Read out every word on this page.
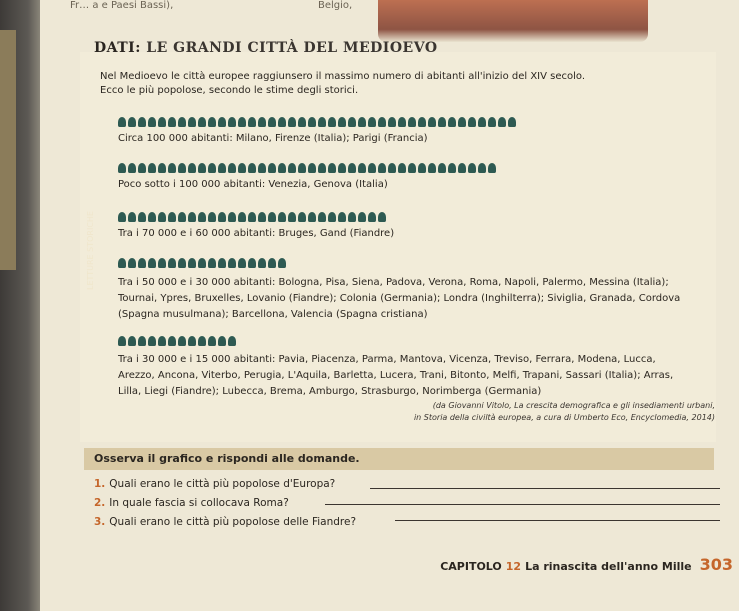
Fr… a e Paesi Bassi),	Belgio,
LETTURE STORICHE
DATI: LE GRANDI CITTÀ DEL MEDIOEVO
Nel Medioevo le città europee raggiunsero il massimo numero di abitanti all'inizio del XIV secolo.
Ecco le più popolose, secondo le stime degli storici.
Circa 100 000 abitanti: Milano, Firenze (Italia); Parigi (Francia)
Poco sotto i 100 000 abitanti: Venezia, Genova (Italia)
Tra i 70 000 e i 60 000 abitanti: Bruges, Gand (Fiandre)
Tra i 50 000 e i 30 000 abitanti: Bologna, Pisa, Siena, Padova, Verona, Roma, Napoli, Palermo, Messina (Italia);
Tournai, Ypres, Bruxelles, Lovanio (Fiandre); Colonia (Germania); Londra (Inghilterra); Siviglia, Granada, Cordova
(Spagna musulmana); Barcellona, Valencia (Spagna cristiana)
Tra i 30 000 e i 15 000 abitanti: Pavia, Piacenza, Parma, Mantova, Vicenza, Treviso, Ferrara, Modena, Lucca,
Arezzo, Ancona, Viterbo, Perugia, L'Aquila, Barletta, Lucera, Trani, Bitonto, Melfi, Trapani, Sassari (Italia); Arras,
Lilla, Liegi (Fiandre); Lubecca, Brema, Amburgo, Strasburgo, Norimberga (Germania)
(da Giovanni Vitolo, La crescita demografica e gli insediamenti urbani,
in Storia della civiltà europea, a cura di Umberto Eco, Encyclomedia, 2014)
Osserva il grafico e rispondi alle domande.
1. Quali erano le città più popolose d'Europa?
2. In quale fascia si collocava Roma?
3. Quali erano le città più popolose delle Fiandre?
CAPITOLO 12 La rinascita dell'anno Mille 303
